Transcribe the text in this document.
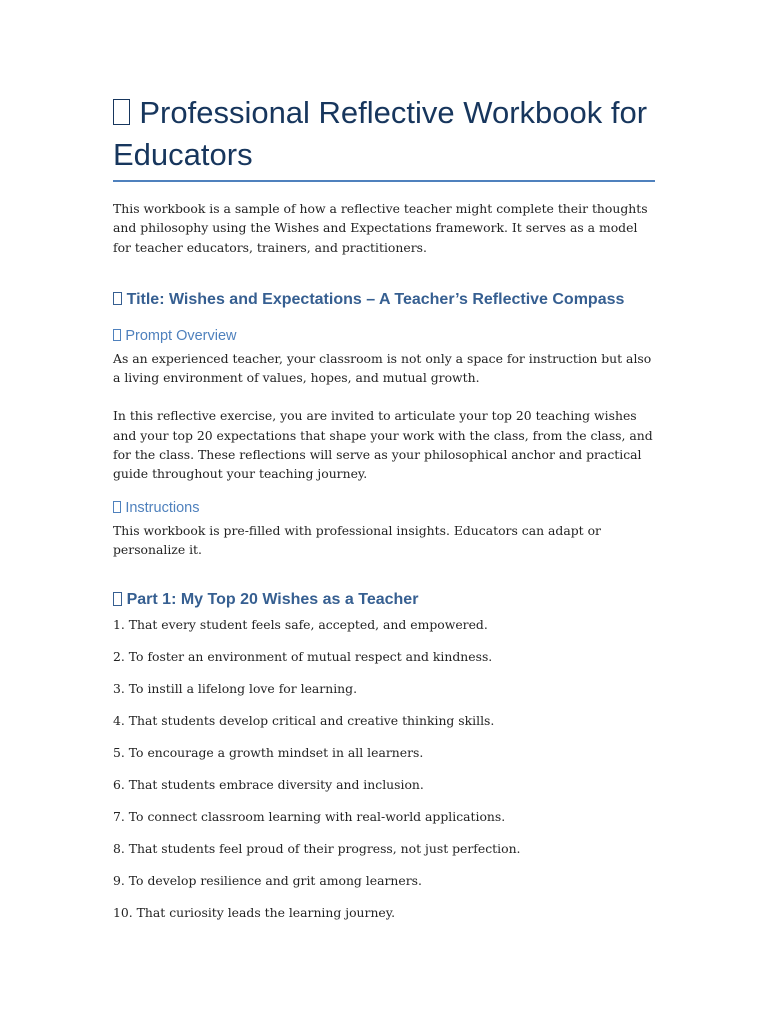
Professional Reflective Workbook for Educators

This workbook is a sample of how a reflective teacher might complete their thoughts and philosophy using the Wishes and Expectations framework. It serves as a model for teacher educators, trainers, and practitioners.

Title: Wishes and Expectations – A Teacher’s Reflective Compass
Prompt Overview

As an experienced teacher, your classroom is not only a space for instruction but also a living environment of values, hopes, and mutual growth.

In this reflective exercise, you are invited to articulate your top 20 teaching wishes and your top 20 expectations that shape your work with the class, from the class, and for the class. These reflections will serve as your philosophical anchor and practical guide throughout your teaching journey.

Instructions

This workbook is pre-filled with professional insights. Educators can adapt or personalize it.

Part 1: My Top 20 Wishes as a Teacher
1. That every student feels safe, accepted, and empowered.
2. To foster an environment of mutual respect and kindness.
3. To instill a lifelong love for learning.
4. That students develop critical and creative thinking skills.
5. To encourage a growth mindset in all learners.
6. That students embrace diversity and inclusion.
7. To connect classroom learning with real-world applications.
8. That students feel proud of their progress, not just perfection.
9. To develop resilience and grit among learners.
10. That curiosity leads the learning journey.
